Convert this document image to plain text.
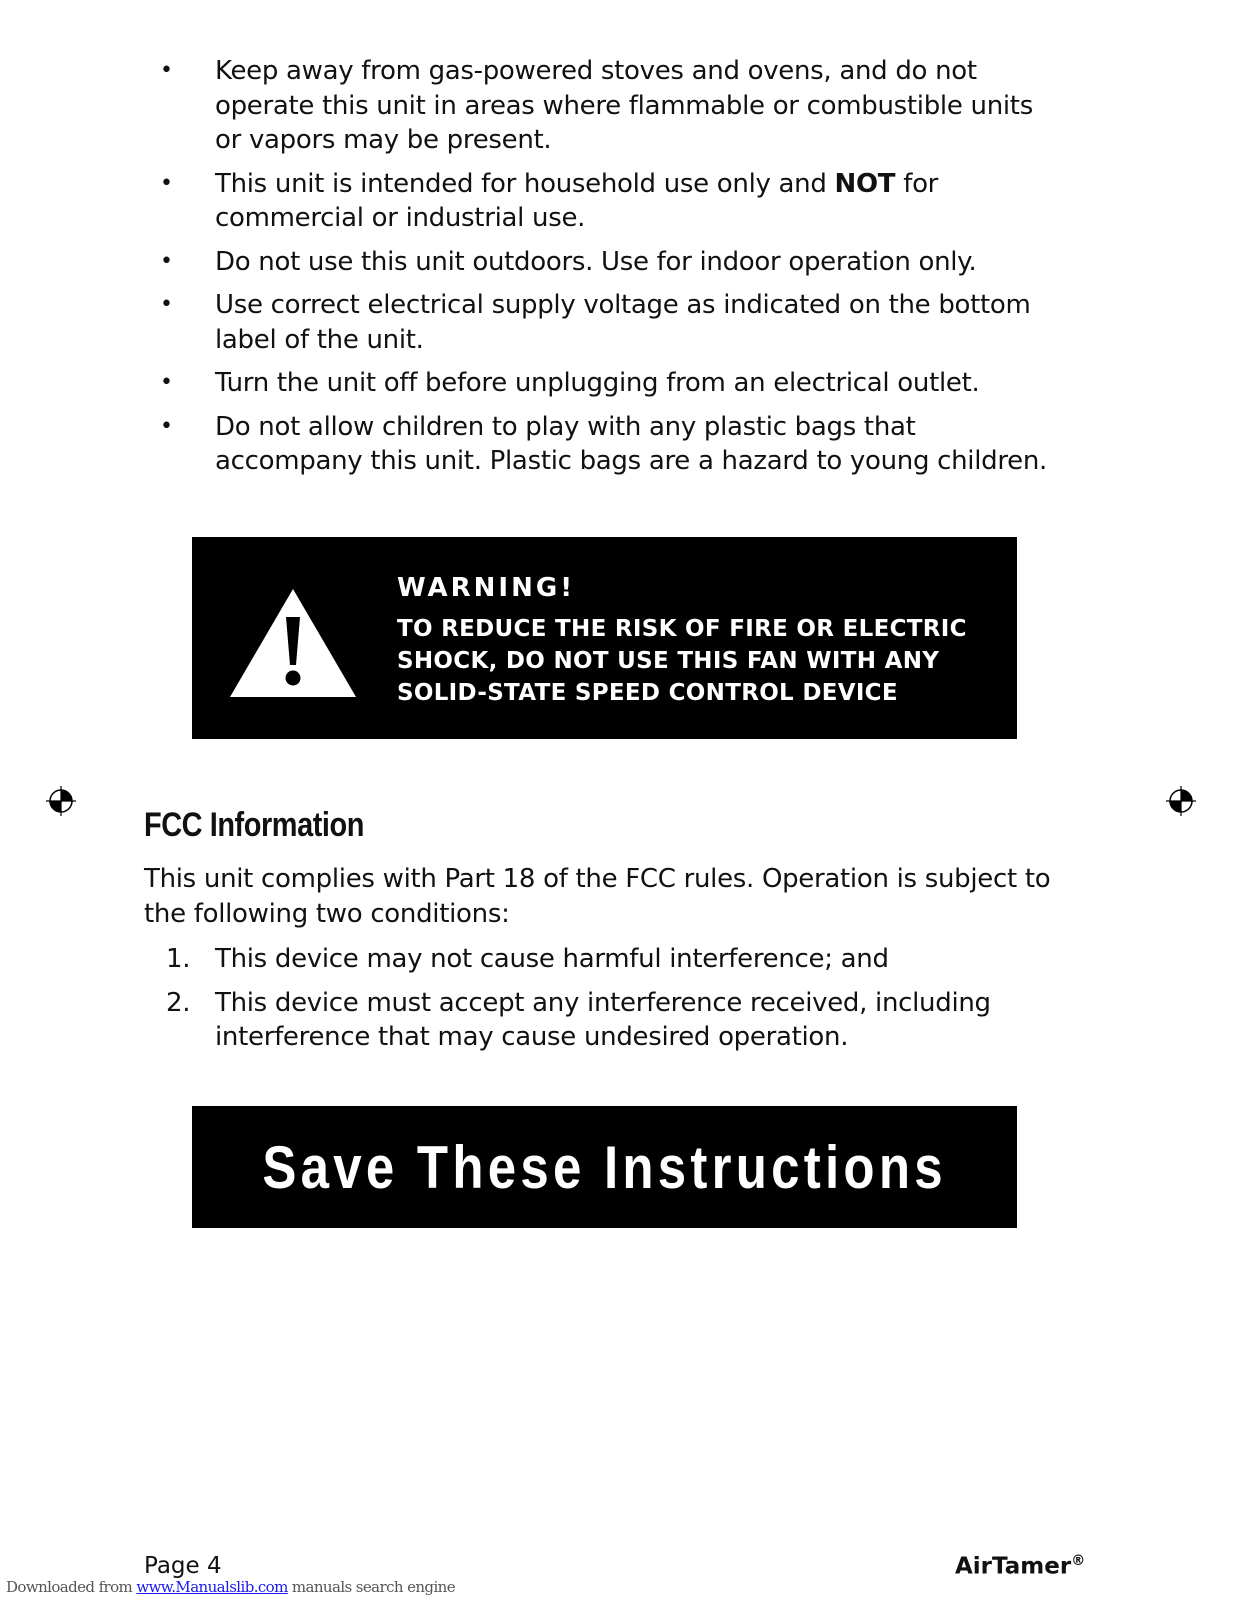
• Keep away from gas-powered stoves and ovens, and do not operate this unit in areas where flammable or combustible units or vapors may be present.
• This unit is intended for household use only and NOT for commercial or industrial use.
• Do not use this unit outdoors. Use for indoor operation only.
• Use correct electrical supply voltage as indicated on the bottom label of the unit.
• Turn the unit off before unplugging from an electrical outlet.
• Do not allow children to play with any plastic bags that accompany this unit. Plastic bags are a hazard to young children.
WARNING!
TO REDUCE THE RISK OF FIRE OR ELECTRIC
SHOCK, DO NOT USE THIS FAN WITH ANY
SOLID-STATE SPEED CONTROL DEVICE
FCC Information

This unit complies with Part 18 of the FCC rules. Operation is subject to the following two conditions:

1. This device may not cause harmful interference; and
2. This device must accept any interference received, including interference that may cause undesired operation.
Save These Instructions
Page 4	AirTamer®
Downloaded from www.Manualslib.com manuals search engine
